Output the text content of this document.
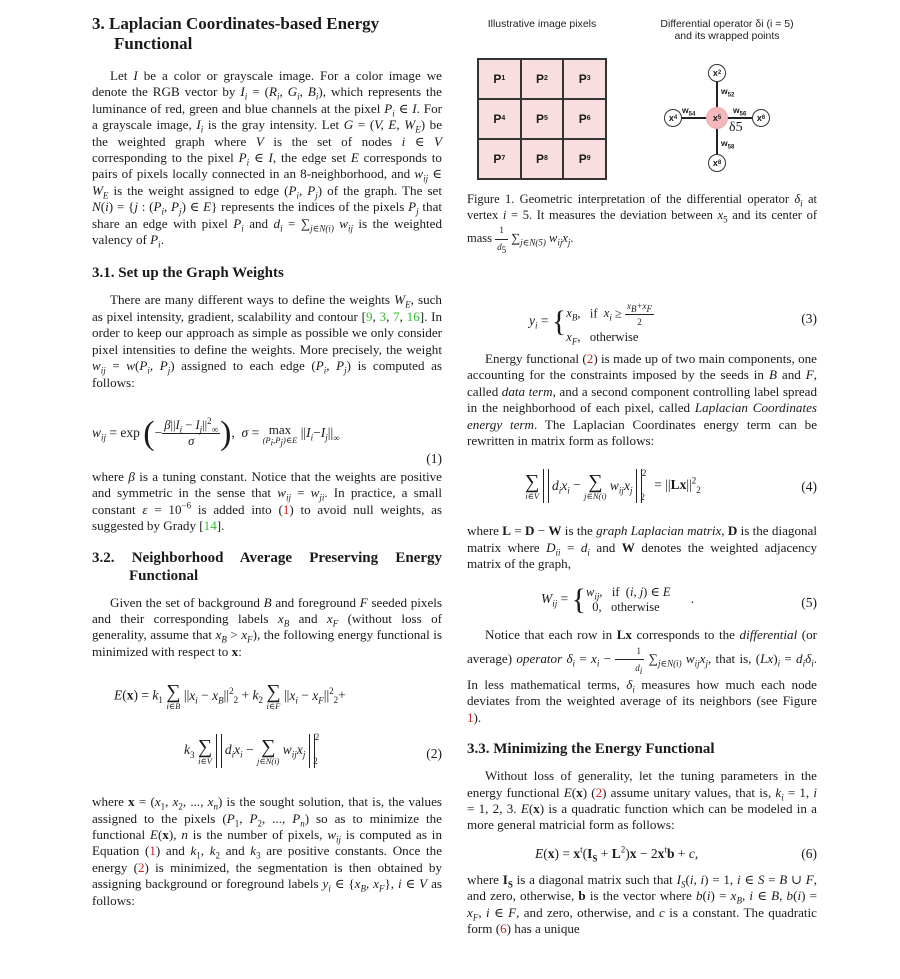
3. Laplacian Coordinates-based Energy Functional

Let I be a color or grayscale image. For a color image we denote the RGB vector by $I_i = (R_i$, $G_i$, $B_i$), which represents the luminance of red, green and blue channels at the pixel $P_i$ ∈ I. For a grayscale image, $I_i$ is the gray intensity. Let G = (V, E, $W_E$) be the weighted graph where V is the set of nodes i ∈ V corresponding to the pixel $P_i$ ∈ I, the edge set E corresponds to pairs of pixels locally connected in an 8-neighborhood, and $w_{ij}$ ∈ $W_E$ is the weight assigned to edge ($P_i$, $P_j$) of the graph. The set N(i) = {j : ($P_i$, $P_j$) ∈ E} represents the indices of the pixels $P_j$ that share an edge with pixel $P_i$ and $d_i = \sum_{j\in N(i)}$ $w_{ij}$ is the weighted valency of $P_i$.

3.1. Set up the Graph Weights

There are many different ways to define the weights $W_E$, such as pixel intensity, gradient, scalability and contour [9, 3, 7, 16]. In order to keep our approach as simple as possible we only consider pixel intensities to define the weights. More precisely, the weight $w_{ij} = w(P_i$, $P_j$) assigned to each edge ($P_i$, $P_j$) is computed as follows:

$w_{ij} = \exp$ (− $\frac{\beta||I_i - I_j||^2_\infty}{\sigma}$ ),  σ = max
$(P_i,P_j)\in E$
$||I_i-I_j||_\infty$
(1)

where β is a tuning constant. Notice that the weights are positive and symmetric in the sense that $w_{ij} = w_{ji}$. In practice, a small constant $\varepsilon = 10^{-6}$ is added into (1) to avoid null weights, as suggested by Grady [14].

3.2. Neighborhood Average Preserving Energy Functional

Given the set of background B and foreground F seeded pixels and their corresponding labels $x_B$ and $x_F$ (without loss of generality, assume that $x_B > x_F$), the following energy functional is minimized with respect to x:

$E(x) = k_1$ ∑
i∈B
$||x_i - x_B||^2_2 + k_2$ ∑
i∈F
$||x_i - x_F||^2_2+$
$k_3$ ∑
i∈V
$d_ix_i$ − ∑
j∈N(i)
$w_{ij}x_j$ $^2_2$
(2)

where $x = (x_1$, $x_2$, ..., $x_n$) is the sought solution, that is, the values assigned to the pixels ($P_1$, $P_2$, ..., $P_n$) so as to minimize the functional E(x), n is the number of pixels, $w_{ij}$ is computed as in Equation (1) and $k_1$, $k_2$ and $k_3$ are positive constants. Once the energy (2) is minimized, the segmentation is then obtained by assigning background or foreground labels $y_i$ ∈ {$x_B$, $x_F$}, i ∈ V as follows:

Illustrative image pixels	Differential operator δi (i = 5)
and its wrapped points
P 1	P 2	P 3
P 4	P 5	P 6
P 7	P 8	P 9
x 2
x 4	x 5	x 6
x 8
$w_{52}$
$w_{54}$	$w_{56}$
$w_{58}$
δ5

Figure 1. Geometric interpretation of the differential operator $\delta_i$ at vertex i = 5. It measures the deviation between $x_5$ and its center of mass $\frac{1}{d_5} \sum_{j\in N(5)}$ $w_{ij}x_j$.

$y_i$ = { $x_B$,   if  $x_i \ge \frac{x_B+x_F}{2}$
$x_F$,   otherwise
(3)

Energy functional (2) is made up of two main components, one accounting for the constraints imposed by the seeds in B and F, called data term, and a second component controlling label spread in the neighborhood of each pixel, called Laplacian Coordinates energy term. The Laplacian Coordinates energy term can be rewritten in matrix form as follows:

∑
i∈V
$d_ix_i$ − ∑
j∈N(i)
$w_{ij}x_j$ $^2_2 = ||Lx||^2_2$	(4)

where L = D − W is the graph Laplacian matrix, D is the diagonal matrix where $D_{ii} = d_i$ and W denotes the weighted adjacency matrix of the graph,

$W_{ij}$ = { $w_{ij}$,   if  (i, j) ∈ E
0,   otherwise
.	(5)

Notice that each row in Lx corresponds to the differential (or average) operator $\delta_i = x_i - \frac{1}{d_i} \sum_{j\in N(i)}$ $w_{ij}x_j$, that is, $(Lx)_i = d_i\delta_i$. In less mathematical terms, $\delta_i$ measures how much each node deviates from the weighted average of its neighbors (see Figure 1).

3.3. Minimizing the Energy Functional

Without loss of generality, let the tuning parameters in the energy functional E(x) (2) assume unitary values, that is, $k_i = 1$, i = 1, 2, 3. E(x) is a quadratic function which can be modeled in a more general matricial form as follows:

$E(x) = x^t(I_S + L^2)x - 2x^tb + c$,	(6)

where $I_S$ is a diagonal matrix such that $I_S(i$, i) = 1, i ∈ S = B ∪ F, and zero, otherwise, b is the vector where $b(i) = x_B$, i ∈ B, $b(i) = x_F$, i ∈ F, and zero, otherwise, and c is a constant. The quadratic form (6) has a unique
